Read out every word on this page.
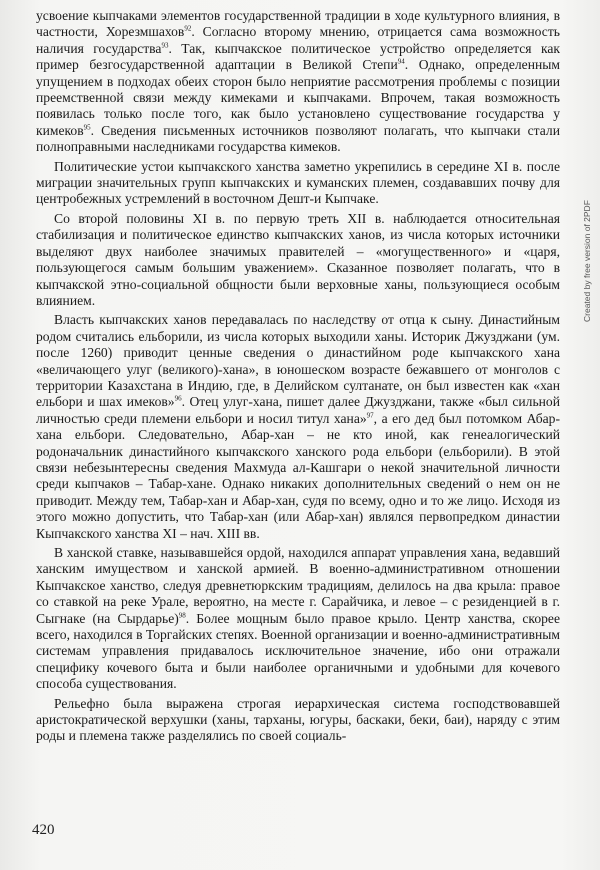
усвоение кыпчаками элементов государственной традиции в ходе культурного влияния, в частности, Хорезмшахов$^{92}$. Согласно второму мнению, отрицается сама возможность наличия государства$^{93}$. Так, кыпчакское политическое устройство определяется как пример безгосударственной адаптации в Великой Степи$^{94}$. Однако, определенным упущением в подходах обеих сторон было неприятие рассмотрения проблемы с позиции преемственной связи между кимеками и кыпчаками. Впрочем, такая возможность появилась только после того, как было установлено существование государства у кимеков$^{95}$. Сведения письменных источников позволяют полагать, что кыпчаки стали полноправными наследниками государства кимеков.

Политические устои кыпчакского ханства заметно укрепились в середине XI в. после миграции значительных групп кыпчакских и куманских племен, создававших почву для центробежных устремлений в восточном Дешт-и Кыпчаке.

Со второй половины XI в. по первую треть XII в. наблюдается относительная стабилизация и политическое единство кыпчакских ханов, из числа которых источники выделяют двух наиболее значимых правителей – «могущественного» и «царя, пользующегося самым большим уважением». Сказанное позволяет полагать, что в кыпчакской этно-социальной общности были верховные ханы, пользующиеся особым влиянием.

Власть кыпчакских ханов передавалась по наследству от отца к сыну. Династийным родом считались ельборили, из числа которых выходили ханы. Историк Джузджани (ум. после 1260) приводит ценные сведения о династийном роде кыпчакского хана «величающего улуг (великого)-хана», в юношеском возрасте бежавшего от монголов с территории Казахстана в Индию, где, в Делийском султанате, он был известен как «хан ельбори и шах имеков»$^{96}$. Отец улуг-хана, пишет далее Джузджани, также «был сильной личностью среди племени ельбори и носил титул хана»$^{97}$, а его дед был потомком Абар-хана ельбори. Следовательно, Абар-хан – не кто иной, как генеалогический родоначальник династийного кыпчакского ханского рода ельбори (ельборили). В этой связи небезынтересны сведения Махмуда ал-Кашгари о некой значительной личности среди кыпчаков – Табар-хане. Однако никаких дополнительных сведений о нем он не приводит. Между тем, Табар-хан и Абар-хан, судя по всему, одно и то же лицо. Исходя из этого можно допустить, что Табар-хан (или Абар-хан) являлся первопредком династии Кыпчакского ханства XI – нач. XIII вв.

В ханской ставке, называвшейся ордой, находился аппарат управления хана, ведавший ханским имуществом и ханской армией. В военно-административном отношении Кыпчакское ханство, следуя древнетюркским традициям, делилось на два крыла: правое со ставкой на реке Урале, вероятно, на месте г. Сарайчика, и левое – с резиденцией в г. Сыгнаке (на Сырдарье)$^{98}$. Более мощным было правое крыло. Центр ханства, скорее всего, находился в Торгайских степях. Военной организации и военно-административным системам управления придавалось исключительное значение, ибо они отражали специфику кочевого быта и были наиболее органичными и удобными для кочевого способа существования.

Рельефно была выражена строгая иерархическая система господствовавшей аристократической верхушки (ханы, тарханы, югуры, баскаки, беки, баи), наряду с этим роды и племена также разделялись по своей социаль-

420
Created by free version of 2PDF
